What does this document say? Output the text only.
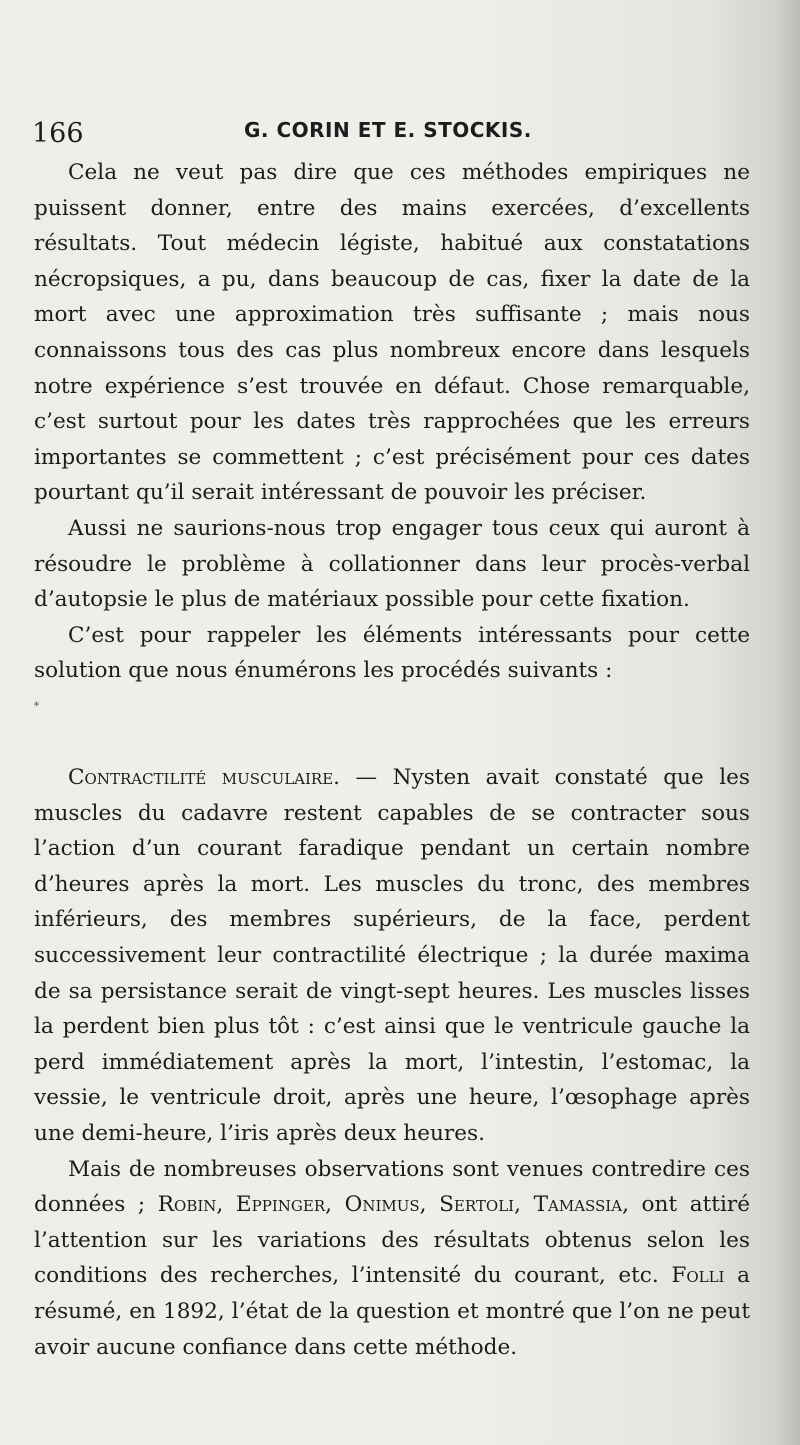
166	G. CORIN ET E. STOCKIS.

Cela ne veut pas dire que ces méthodes empiriques ne puissent donner, entre des mains exercées, d’excellents résultats. Tout médecin légiste, habitué aux constatations nécropsiques, a pu, dans beaucoup de cas, fixer la date de la mort avec une approximation très suffisante ; mais nous connaissons tous des cas plus nombreux encore dans lesquels notre expérience s’est trouvée en défaut. Chose remarquable, c’est surtout pour les dates très rapprochées que les erreurs importantes se commettent ; c’est précisément pour ces dates pourtant qu’il serait intéressant de pouvoir les préciser.

Aussi ne saurions-nous trop engager tous ceux qui auront à résoudre le problème à collationner dans leur procès-verbal d’autopsie le plus de matériaux possible pour cette fixation.

C’est pour rappeler les éléments intéressants pour cette solution que nous énumérons les procédés suivants :

*

Contractilité musculaire. — Nysten avait constaté que les muscles du cadavre restent capables de se contracter sous l’action d’un courant faradique pendant un certain nombre d’heures après la mort. Les muscles du tronc, des membres inférieurs, des membres supérieurs, de la face, perdent successivement leur contractilité électrique ; la durée maxima de sa persistance serait de vingt-sept heures. Les muscles lisses la perdent bien plus tôt : c’est ainsi que le ventricule gauche la perd immédiatement après la mort, l’intestin, l’estomac, la vessie, le ventricule droit, après une heure, l’œsophage après une demi-heure, l’iris après deux heures.

Mais de nombreuses observations sont venues contredire ces données ; Robin, Eppinger, Onimus, Sertoli, Tamassia, ont attiré l’attention sur les variations des résultats obtenus selon les conditions des recherches, l’intensité du courant, etc. Folli a résumé, en 1892, l’état de la question et montré que l’on ne peut avoir aucune confiance dans cette méthode.
